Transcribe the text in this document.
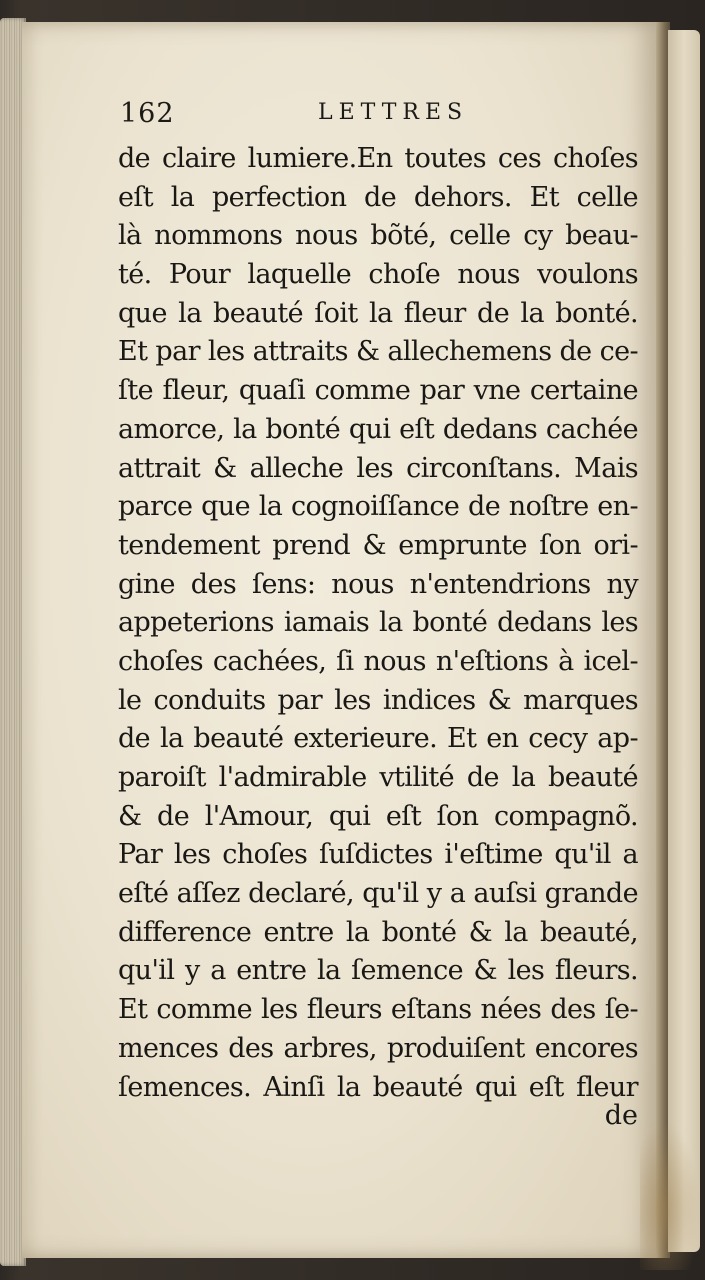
162	LETTRES
de claire lumiere.En toutes ces choſes
eſt la perfection de dehors. Et celle
là nommons nous bõté, celle cy beau-
té. Pour laquelle choſe nous voulons
que la beauté ſoit la fleur de la bonté.
Et par les attraits & allechemens de ce-
ſte fleur, quaſi comme par vne certaine
amorce, la bonté qui eſt dedans cachée
attrait & alleche les circonſtans. Mais
parce que la cognoiſſance de noſtre en-
tendement prend & emprunte ſon ori-
gine des ſens: nous n'entendrions ny
appeterions iamais la bonté dedans les
choſes cachées, ſi nous n'eſtions à icel-
le conduits par les indices & marques
de la beauté exterieure. Et en cecy ap-
paroiſt l'admirable vtilité de la beauté
& de l'Amour, qui eſt ſon compagnõ.
Par les choſes ſuſdictes i'eſtime qu'il a
eſté aſſez declaré, qu'il y a auſsi grande
difference entre la bonté & la beauté,
qu'il y a entre la ſemence & les fleurs.
Et comme les fleurs eſtans nées des ſe-
mences des arbres, produiſent encores
ſemences. Ainſi la beauté qui eſt fleur
de
